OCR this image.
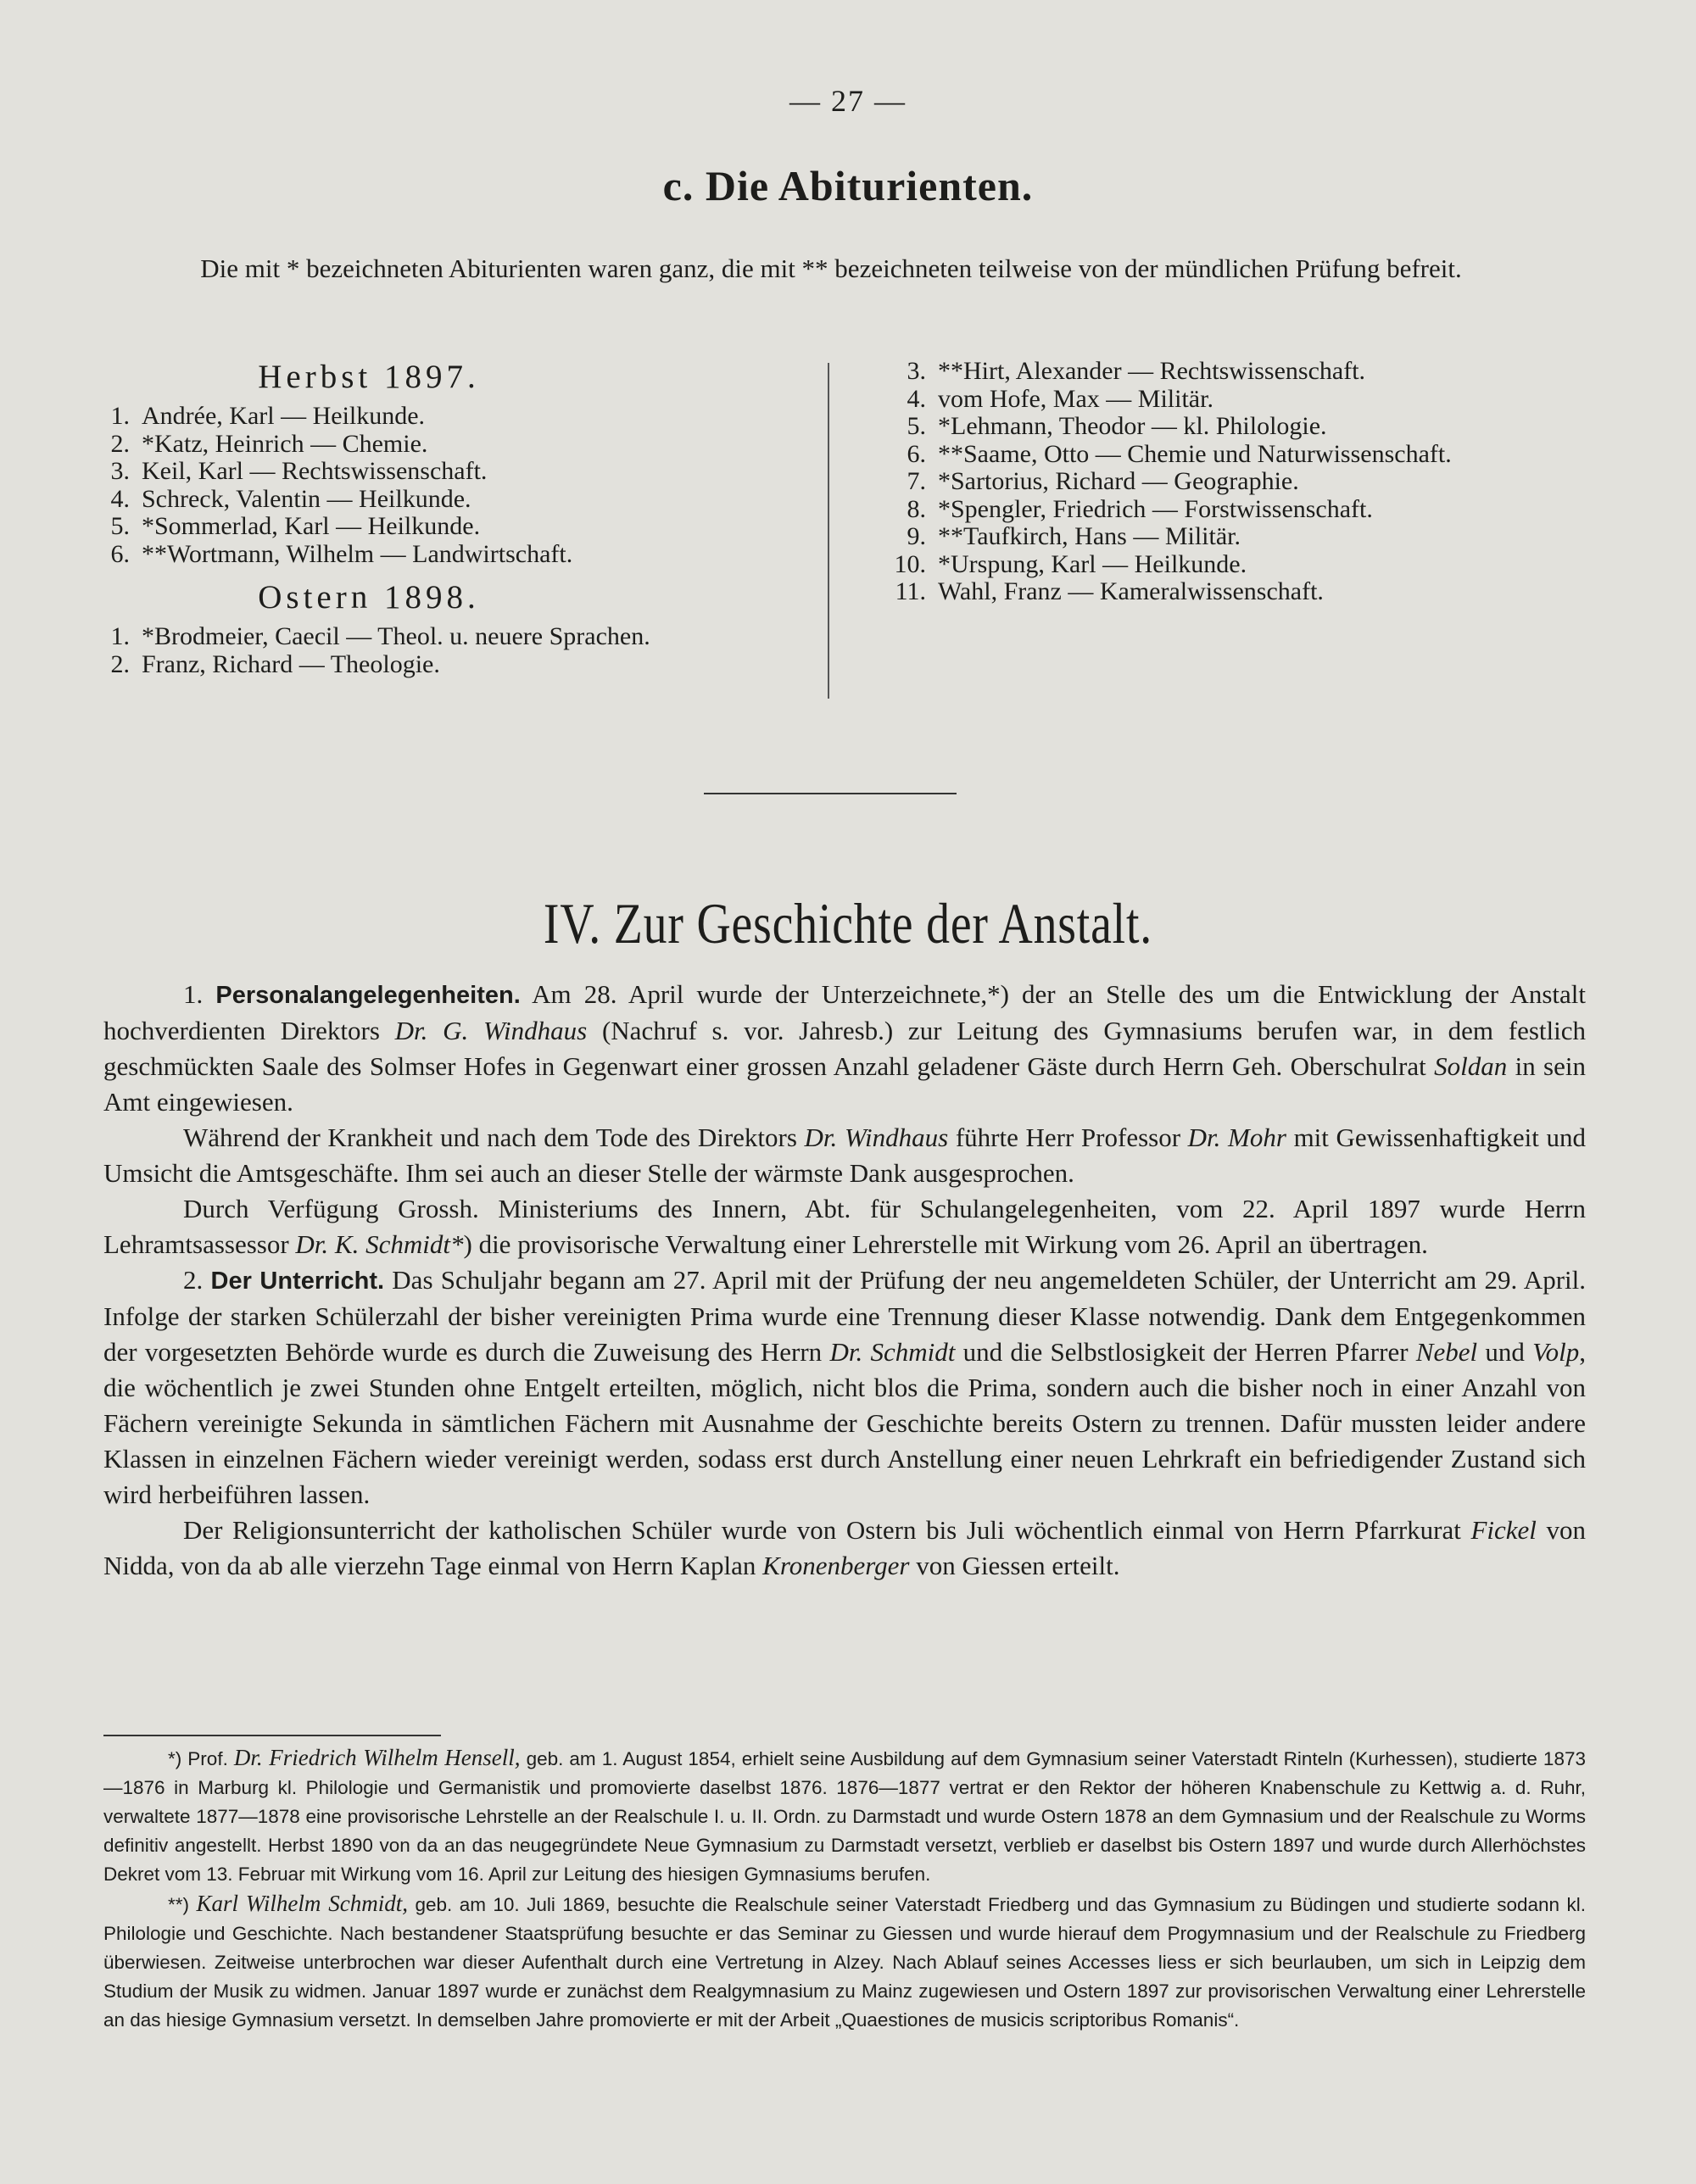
— 27 —
c. Die Abiturienten.
Die mit * bezeichneten Abiturienten waren ganz, die mit ** bezeichneten teilweise von der mündlichen Prüfung befreit.
Herbst 1897.
1. Andrée, Karl — Heilkunde.
2. *Katz, Heinrich — Chemie.
3. Keil, Karl — Rechtswissenschaft.
4. Schreck, Valentin — Heilkunde.
5. *Sommerlad, Karl — Heilkunde.
6. **Wortmann, Wilhelm — Landwirtschaft.
Ostern 1898.
1. *Brodmeier, Caecil — Theol. u. neuere Sprachen.
2. Franz, Richard — Theologie.
3. **Hirt, Alexander — Rechtswissenschaft.
4. vom Hofe, Max — Militär.
5. *Lehmann, Theodor — kl. Philologie.
6. **Saame, Otto — Chemie und Naturwissenschaft.
7. *Sartorius, Richard — Geographie.
8. *Spengler, Friedrich — Forstwissenschaft.
9. **Taufkirch, Hans — Militär.
10. *Urspung, Karl — Heilkunde.
11. Wahl, Franz — Kameralwissenschaft.
IV. Zur Geschichte der Anstalt.

1. Personalangelegenheiten. Am 28. April wurde der Unterzeichnete,*) der an Stelle des um die Entwicklung der Anstalt hochverdienten Direktors Dr. G. Windhaus (Nachruf s. vor. Jahresb.) zur Leitung des Gymnasiums berufen war, in dem festlich geschmückten Saale des Solmser Hofes in Gegenwart einer grossen Anzahl geladener Gäste durch Herrn Geh. Oberschulrat Soldan in sein Amt eingewiesen.

Während der Krankheit und nach dem Tode des Direktors Dr. Windhaus führte Herr Professor Dr. Mohr mit Gewissenhaftigkeit und Umsicht die Amtsgeschäfte. Ihm sei auch an dieser Stelle der wärmste Dank ausgesprochen.

Durch Verfügung Grossh. Ministeriums des Innern, Abt. für Schulangelegenheiten, vom 22. April 1897 wurde Herrn Lehramtsassessor Dr. K. Schmidt*) die provisorische Verwaltung einer Lehrerstelle mit Wirkung vom 26. April an übertragen.

2. Der Unterricht. Das Schuljahr begann am 27. April mit der Prüfung der neu angemeldeten Schüler, der Unterricht am 29. April. Infolge der starken Schülerzahl der bisher vereinigten Prima wurde eine Trennung dieser Klasse notwendig. Dank dem Entgegenkommen der vorgesetzten Behörde wurde es durch die Zuweisung des Herrn Dr. Schmidt und die Selbstlosigkeit der Herren Pfarrer Nebel und Volp, die wöchentlich je zwei Stunden ohne Entgelt erteilten, möglich, nicht blos die Prima, sondern auch die bisher noch in einer Anzahl von Fächern vereinigte Sekunda in sämtlichen Fächern mit Ausnahme der Geschichte bereits Ostern zu trennen. Dafür mussten leider andere Klassen in einzelnen Fächern wieder vereinigt werden, sodass erst durch Anstellung einer neuen Lehrkraft ein befriedigender Zustand sich wird herbeiführen lassen.

Der Religionsunterricht der katholischen Schüler wurde von Ostern bis Juli wöchentlich einmal von Herrn Pfarrkurat Fickel von Nidda, von da ab alle vierzehn Tage einmal von Herrn Kaplan Kronenberger von Giessen erteilt.

*) Prof. Dr. Friedrich Wilhelm Hensell, geb. am 1. August 1854, erhielt seine Ausbildung auf dem Gymnasium seiner Vaterstadt Rinteln (Kurhessen), studierte 1873—1876 in Marburg kl. Philologie und Germanistik und promovierte daselbst 1876. 1876—1877 vertrat er den Rektor der höheren Knabenschule zu Kettwig a. d. Ruhr, verwaltete 1877—1878 eine provisorische Lehrstelle an der Realschule I. u. II. Ordn. zu Darmstadt und wurde Ostern 1878 an dem Gymnasium und der Realschule zu Worms definitiv angestellt. Herbst 1890 von da an das neugegründete Neue Gymnasium zu Darmstadt versetzt, verblieb er daselbst bis Ostern 1897 und wurde durch Allerhöchstes Dekret vom 13. Februar mit Wirkung vom 16. April zur Leitung des hiesigen Gymnasiums berufen.

**) Karl Wilhelm Schmidt, geb. am 10. Juli 1869, besuchte die Realschule seiner Vaterstadt Friedberg und das Gymnasium zu Büdingen und studierte sodann kl. Philologie und Geschichte. Nach bestandener Staatsprüfung besuchte er das Seminar zu Giessen und wurde hierauf dem Progymnasium und der Realschule zu Friedberg überwiesen. Zeitweise unterbrochen war dieser Aufenthalt durch eine Vertretung in Alzey. Nach Ablauf seines Accesses liess er sich beurlauben, um sich in Leipzig dem Studium der Musik zu widmen. Januar 1897 wurde er zunächst dem Realgymnasium zu Mainz zugewiesen und Ostern 1897 zur provisorischen Verwaltung einer Lehrerstelle an das hiesige Gymnasium versetzt. In demselben Jahre promovierte er mit der Arbeit „Quaestiones de musicis scriptoribus Romanis“.
